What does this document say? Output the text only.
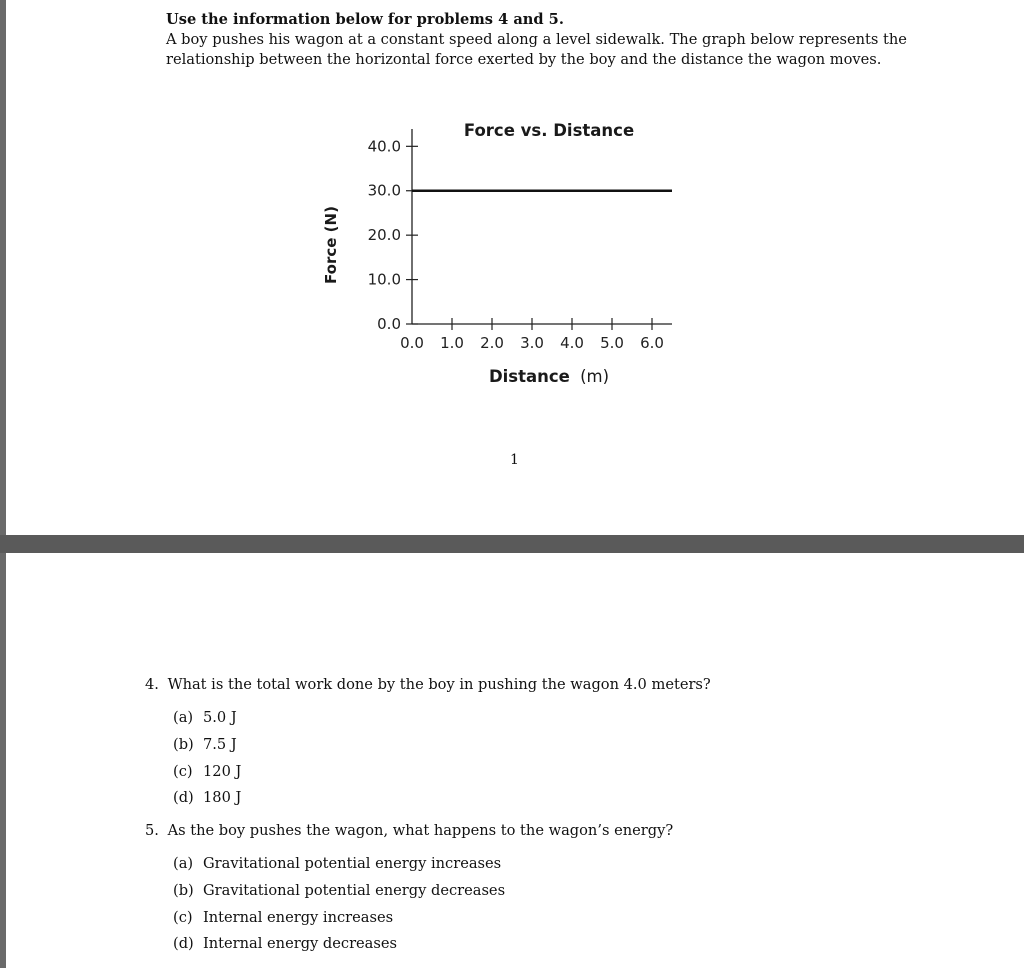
Use the information below for problems 4 and 5.
A boy pushes his wagon at a constant speed along a level sidewalk. The graph below represents the
relationship between the horizontal force exerted by the boy and the distance the wagon moves.
Force vs. Distance
Force (N)
Distance (m)
0.0
10.0
20.0
30.0
40.0
0.0 1.0 2.0 3.0 4.0 5.0 6.0
1
4. What is the total work done by the boy in pushing the wagon 4.0 meters?
(a) 5.0 J
(b) 7.5 J
(c) 120 J
(d) 180 J
5. As the boy pushes the wagon, what happens to the wagon’s energy?
(a) Gravitational potential energy increases
(b) Gravitational potential energy decreases
(c) Internal energy increases
(d) Internal energy decreases
